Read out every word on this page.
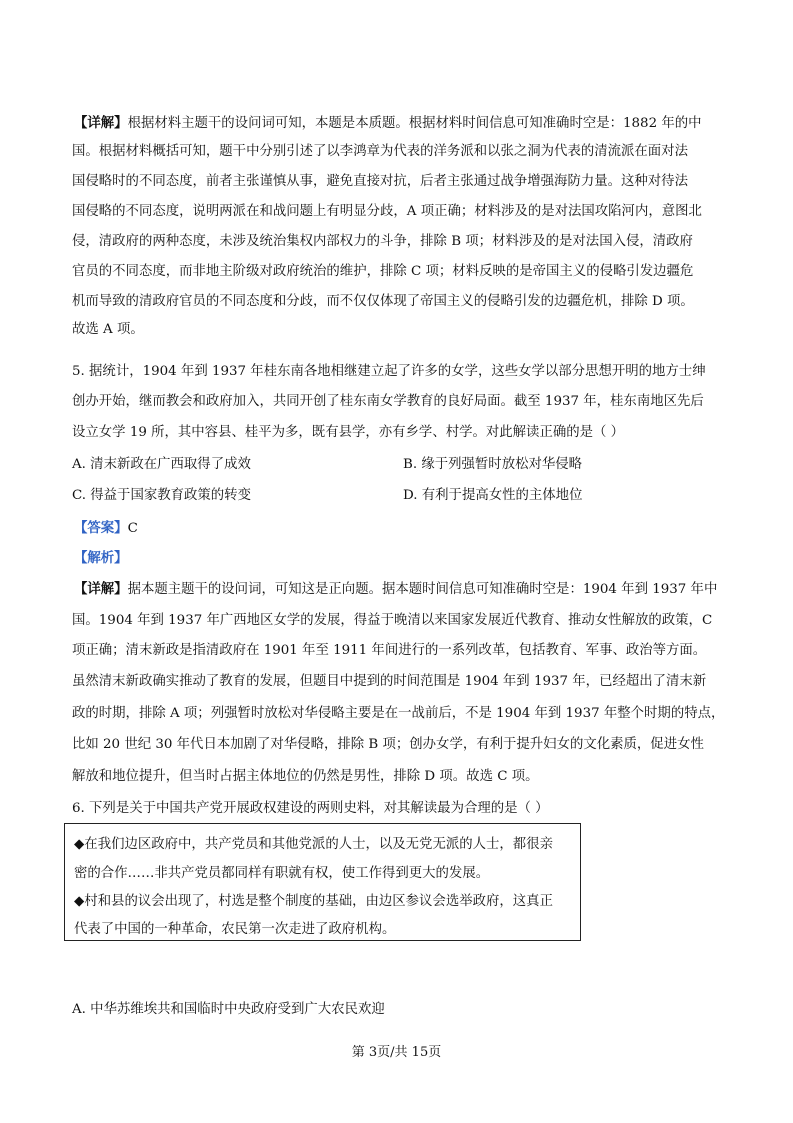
【详解】根据材料主题干的设问词可知，本题是本质题。根据材料时间信息可知准确时空是：1882 年的中
国。根据材料概括可知，题干中分别引述了以李鸿章为代表的洋务派和以张之洞为代表的清流派在面对法
国侵略时的不同态度，前者主张谨慎从事，避免直接对抗，后者主张通过战争增强海防力量。这种对待法
国侵略的不同态度，说明两派在和战问题上有明显分歧，A 项正确；材料涉及的是对法国攻陷河内，意图北
侵，清政府的两种态度，未涉及统治集权内部权力的斗争，排除 B 项；材料涉及的是对法国入侵，清政府
官员的不同态度，而非地主阶级对政府统治的维护，排除 C 项；材料反映的是帝国主义的侵略引发边疆危
机而导致的清政府官员的不同态度和分歧，而不仅仅体现了帝国主义的侵略引发的边疆危机，排除 D 项。
故选 A 项。
5. 据统计，1904 年到 1937 年桂东南各地相继建立起了许多的女学，这些女学以部分思想开明的地方士绅
创办开始，继而教会和政府加入，共同开创了桂东南女学教育的良好局面。截至 1937 年，桂东南地区先后
设立女学 19 所，其中容县、桂平为多，既有县学，亦有乡学、村学。对此解读正确的是（ ）
A. 清末新政在广西取得了成效	B. 缘于列强暂时放松对华侵略
C. 得益于国家教育政策的转变	D. 有利于提高女性的主体地位
【答案】C
【解析】
【详解】据本题主题干的设问词，可知这是正向题。据本题时间信息可知准确时空是：1904 年到 1937 年中
国。1904 年到 1937 年广西地区女学的发展，得益于晚清以来国家发展近代教育、推动女性解放的政策，C
项正确；清末新政是指清政府在 1901 年至 1911 年间进行的一系列改革，包括教育、军事、政治等方面。
虽然清末新政确实推动了教育的发展，但题目中提到的时间范围是 1904 年到 1937 年，已经超出了清末新
政的时期，排除 A 项；列强暂时放松对华侵略主要是在一战前后，不是 1904 年到 1937 年整个时期的特点，
比如 20 世纪 30 年代日本加剧了对华侵略，排除 B 项；创办女学，有利于提升妇女的文化素质，促进女性
解放和地位提升，但当时占据主体地位的仍然是男性，排除 D 项。故选 C 项。
6. 下列是关于中国共产党开展政权建设的两则史料，对其解读最为合理的是（ ）
◆在我们边区政府中，共产党员和其他党派的人士，以及无党无派的人士，都很亲
密的合作……非共产党员都同样有职就有权，使工作得到更大的发展。
◆村和县的议会出现了，村选是整个制度的基础，由边区参议会选举政府，这真正
代表了中国的一种革命，农民第一次走进了政府机构。
A. 中华苏维埃共和国临时中央政府受到广大农民欢迎
第 3页/共 15页
